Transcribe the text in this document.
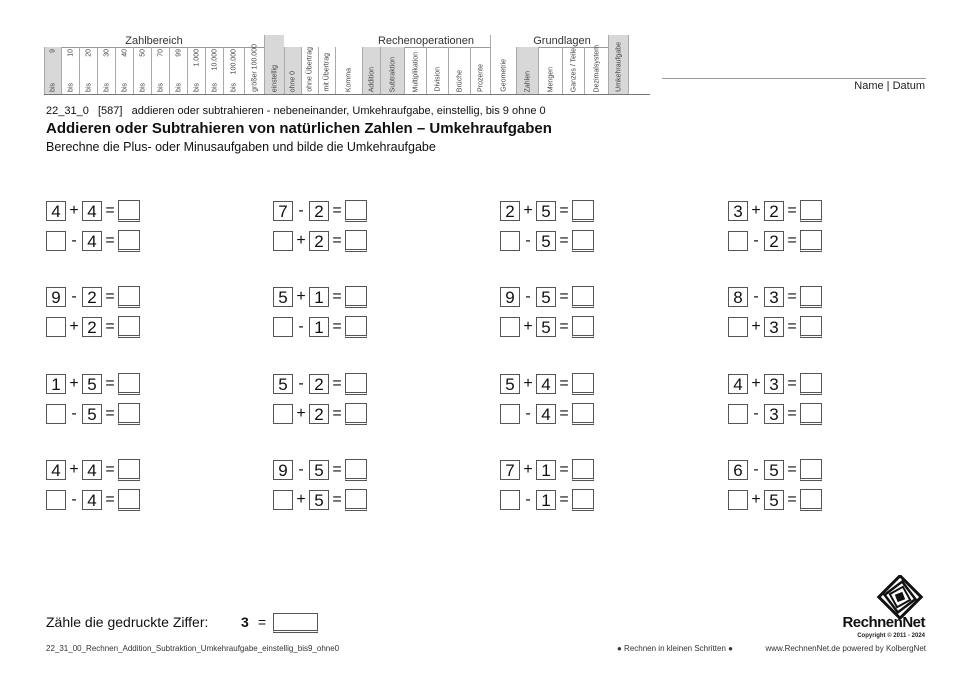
Zahlbereich	Rechenoperationen	Grundlagen
9
bis
10
bis
20
bis
30
bis
40
bis
50
bis
70
bis
99
bis
1.000
bis
10.000
bis
100.000
bis größer 100.000 einstellig ohne 0 ohne Übertrag mit Übertrag Komma Addition Subtraktion Multiplikation Division Brüche Prozente Geometrie Zahlen Mengen Ganzes / Teile Dezimalsystem Umkehraufgabe	Name | Datum
22_31_0   [587]   addieren oder subtrahieren - nebeneinander, Umkehraufgabe, einstellig, bis 9 ohne 0
Addieren oder Subtrahieren von natürlichen Zahlen – Umkehraufgaben
Berechne die Plus- oder Minusaufgaben und bilde die Umkehraufgabe
4 + 4 =
- 4 =
7 - 2 =
+ 2 =
2 + 5 =
- 5 =
3 + 2 =
- 2 =
9 - 2 =
+ 2 =
5 + 1 =
- 1 =
9 - 5 =
+ 5 =
8 - 3 =
+ 3 =
1 + 5 =
- 5 =
5 - 2 =
+ 2 =
5 + 4 =
- 4 =
4 + 3 =
- 3 =
4 + 4 =
- 4 =
9 - 5 =
+ 5 =
7 + 1 =
- 1 =
6 - 5 =
+ 5 =
Zähle die gedruckte Ziffer: 3 =
22_31_00_Rechnen_Addition_Subtraktion_Umkehraufgabe_einstellig_bis9_ohne0	● Rechnen in kleinen Schritten ●	www.RechnenNet.de powered by KolbergNet
RechnenNet
Copyright © 2011 - 2024
